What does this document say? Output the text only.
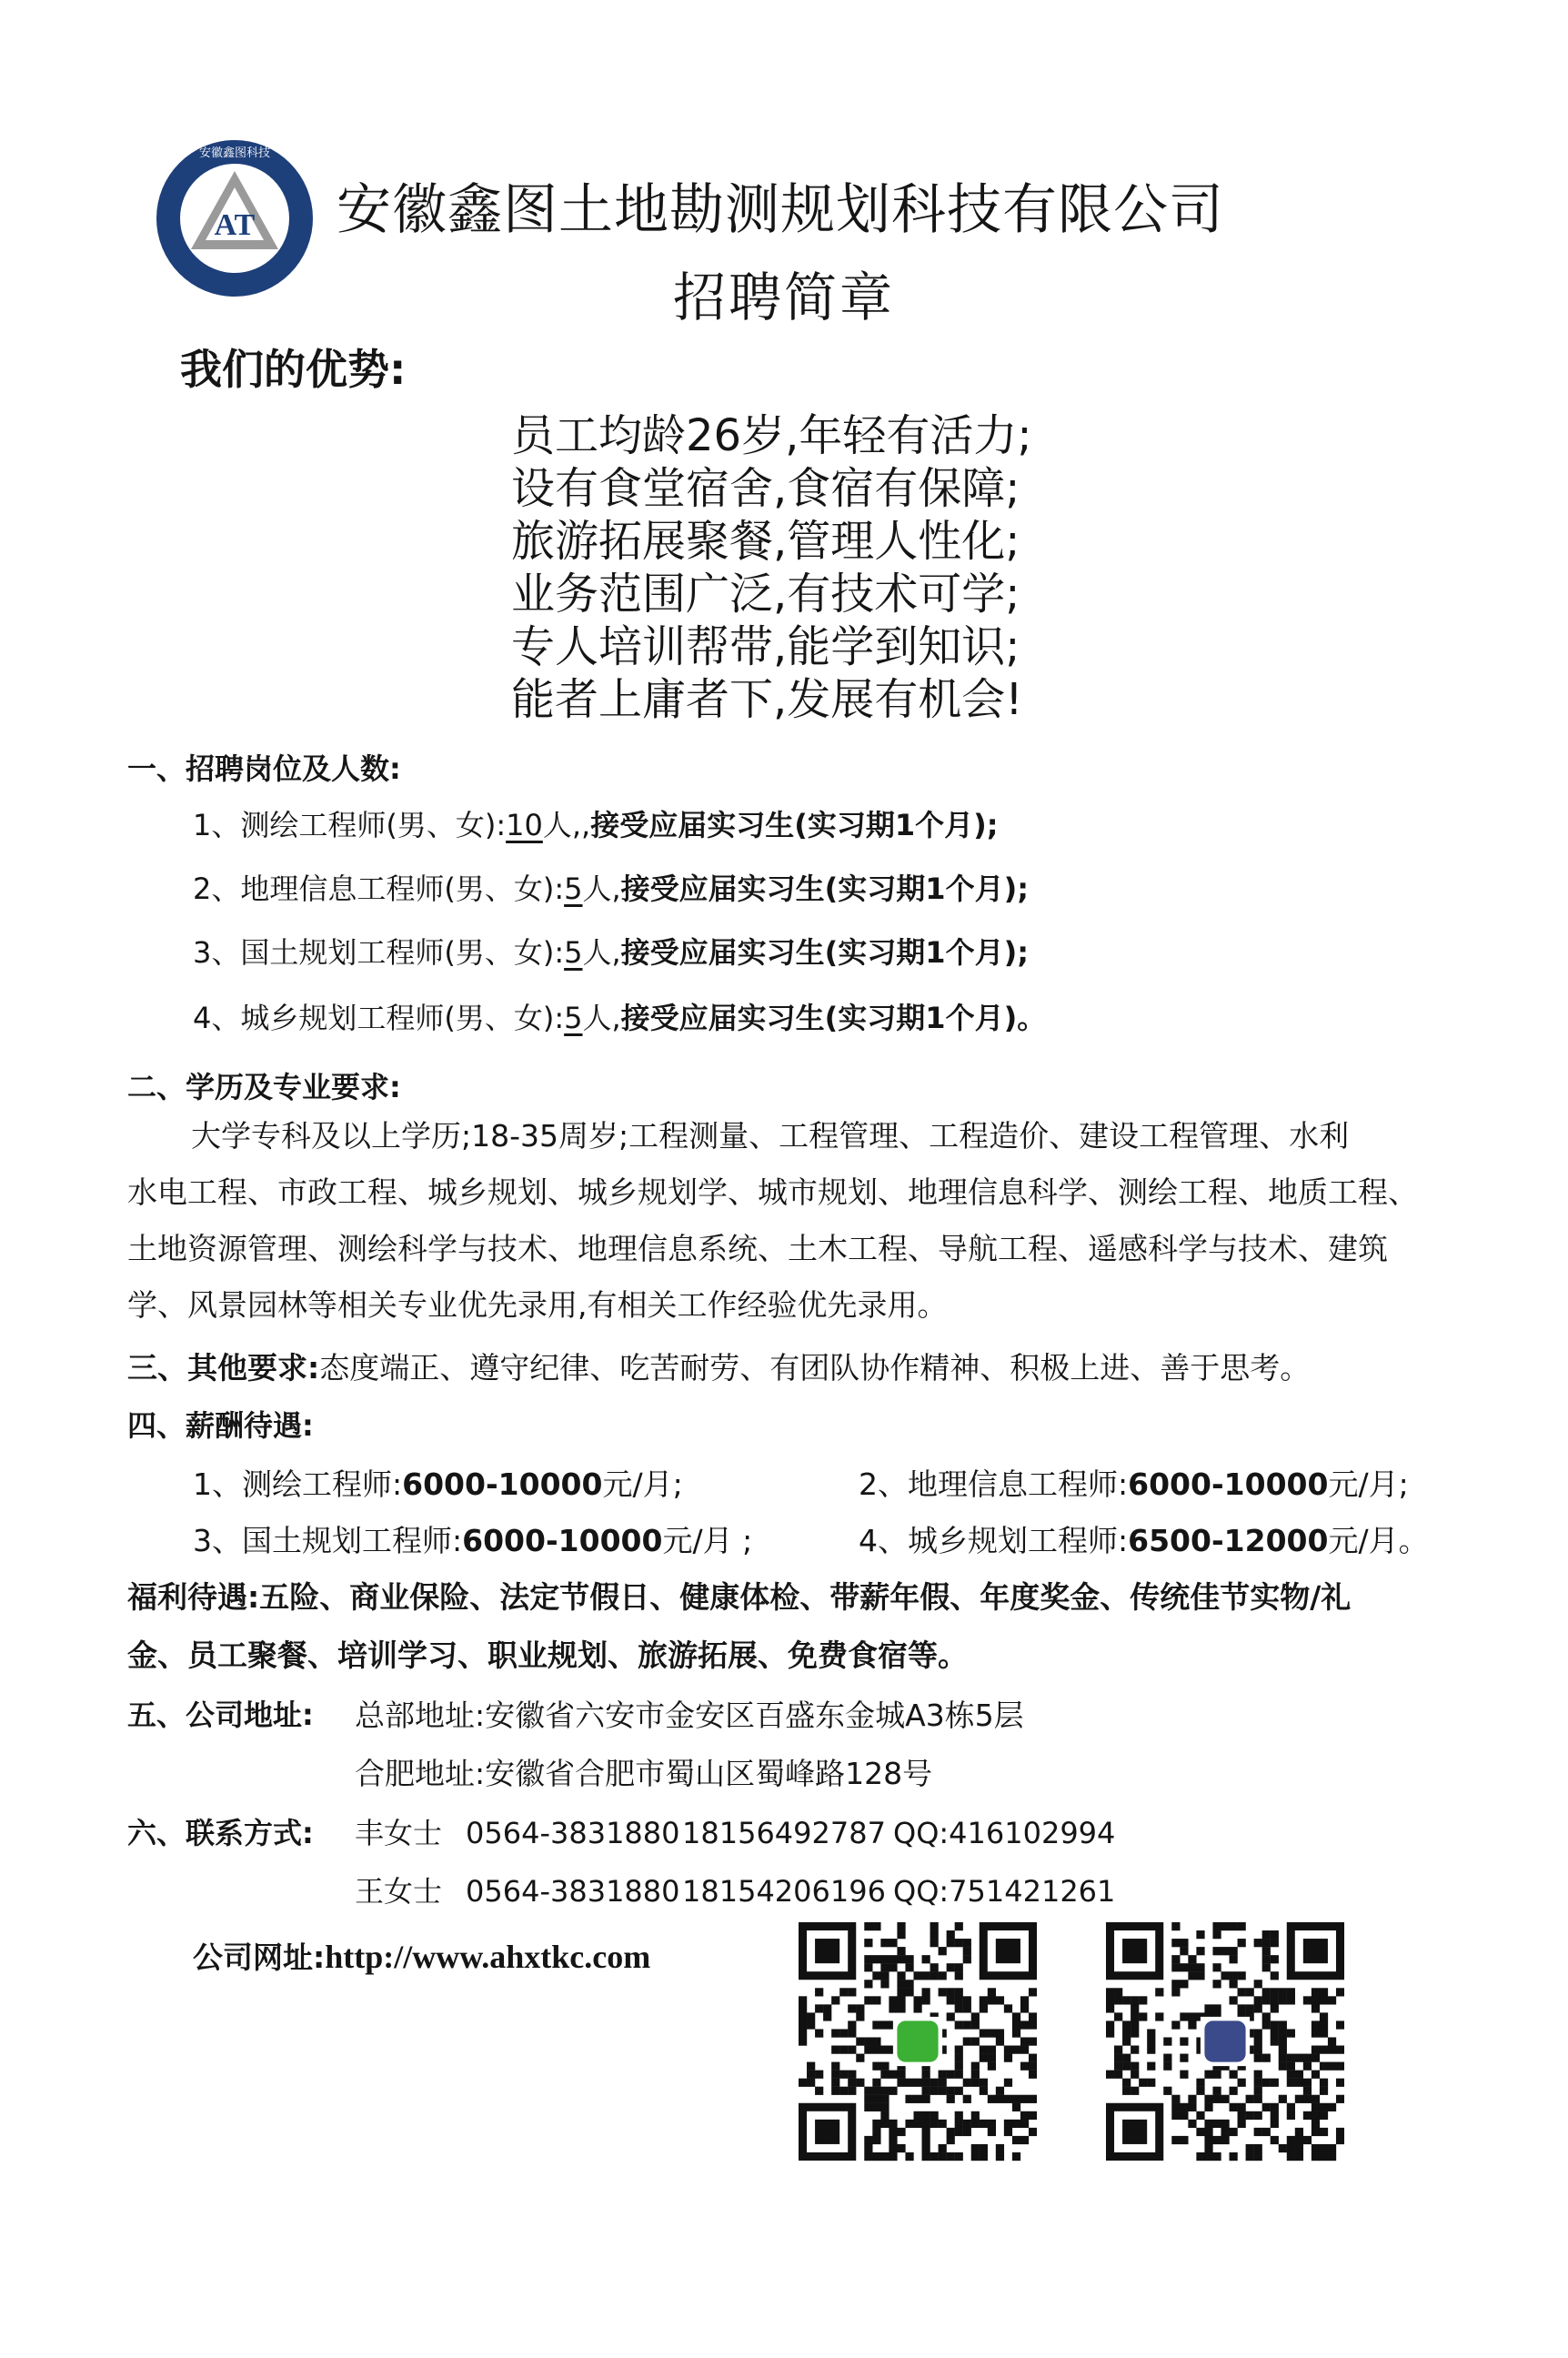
AT
安徽鑫图科技
安徽鑫图土地勘测规划科技有限公司
招聘简章
我们的优势:
员工均龄26岁,年轻有活力;
设有食堂宿舍,食宿有保障;
旅游拓展聚餐,管理人性化;
业务范围广泛,有技术可学;
专人培训帮带,能学到知识;
能者上庸者下,发展有机会!
一、招聘岗位及人数:
1、测绘工程师(男、女):10人,,接受应届实习生(实习期1个月);
2、地理信息工程师(男、女):5人,接受应届实习生(实习期1个月);
3、国土规划工程师(男、女):5人,接受应届实习生(实习期1个月);
4、城乡规划工程师(男、女):5人,接受应届实习生(实习期1个月)。
二、学历及专业要求:
大学专科及以上学历;18-35周岁;工程测量、工程管理、工程造价、建设工程管理、水利
水电工程、市政工程、城乡规划、城乡规划学、城市规划、地理信息科学、测绘工程、地质工程、
土地资源管理、测绘科学与技术、地理信息系统、土木工程、导航工程、遥感科学与技术、建筑
学、风景园林等相关专业优先录用,有相关工作经验优先录用。
三、其他要求:态度端正、遵守纪律、吃苦耐劳、有团队协作精神、积极上进、善于思考。
四、薪酬待遇:
1、测绘工程师:6000-10000元/月;	2、地理信息工程师:6000-10000元/月;
3、国土规划工程师:6000-10000元/月 ;	4、城乡规划工程师:6500-12000元/月。
福利待遇:五险、商业保险、法定节假日、健康体检、带薪年假、年度奖金、传统佳节实物/礼
金、员工聚餐、培训学习、职业规划、旅游拓展、免费食宿等。
五、公司地址: 总部地址:安徽省六安市金安区百盛东金城A3栋5层
合肥地址:安徽省合肥市蜀山区蜀峰路128号
六、联系方式: 丰女士 0564-383188018156492787 QQ:416102994
王女士 0564-383188018154206196 QQ:751421261
公司网址:http://www.ahxtkc.com
